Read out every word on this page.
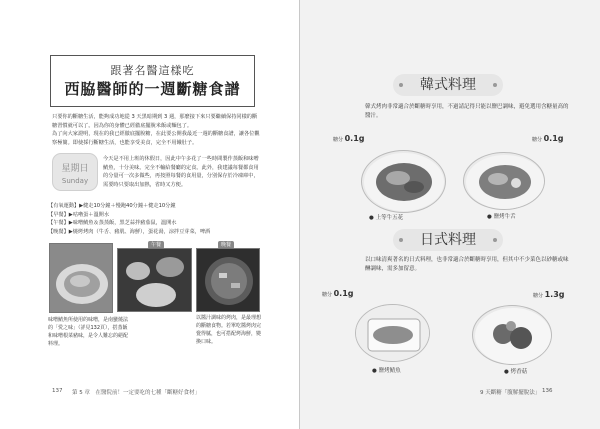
跟著名醫這樣吃
西脇醫師的一週斷糖食譜
只要你的斷糖生活，能夠成功地從 3 天黑暗期到 3 週，那麼接下來只要繼續保持同樣的斷糖習慣就可以了。因為你的身體已經徹底擺脫米飯或麵包了。
為了向大家證明，現在的我已經徹底擺脫糖，在此要公開我最近一週的斷糖食譜，讓各位觀察極簡。即使採行斷糖生活，也能享受美食，完全不用餓肚子。
星期日
Sunday
今天是不用上班的休假日，因此中午多花了一些時間製作蒸飯和味噌鯖魚，十分美味。完全不輸給餐廳的定食。此外，我建議每餐都食用的分量可一次多做些，再按照每餐的食用量，分別保存於冷凍庫中，需要時只要取出加熱，省時又方便。
【有氧運動】▶健走10分鐘＋慢跑40分鐘＋健走10分鐘
【早餐】▶咕嚕蛋＋溫開水
【午餐】▶味噌鯖魚＆蒸蒸飯，黑芝蒜拌豬茄鼠，溫開水
【晚餐】▶燒烤烤肉（牛舌、豬肌、海鮮），蛋花湯，涼拌豆芽菜，啤酒
午餐	晚餐
味噌鯖魚所使用的味噌，是南蠻燒法的「愛之味」（詳見132頁），搭蒸飯和味噌根菜豬味，是令人難忘的絕配料理。
以醬汁調味的烤肉，是最理想的斷糖食物。若單吃醬烤肉完覺得膩，也可搭配烤海鮮，變換口味。
137 第 5 章　在醫院前！一定要吃的七種「斷糖好食材」
韓式料理
韓式烤肉非常適合於斷糖時享用，不過請記得只能以鹽巴調味，避免選用含糖量高的醬汁。
糖分 0.1g	糖分 0.1g
● 上等牛五花	● 鹽烤牛舌
日式料理
以口味清爽著名的日式料理，也非常適合於斷糖時享用，但其中不少菜色以砂糖或味醂調味，需多加留意。
糖分 0.1g	糖分 1.3g
● 鹽烤鯖魚	● 烤香菇
9 天斷糖「腹解擺脫法」 136
